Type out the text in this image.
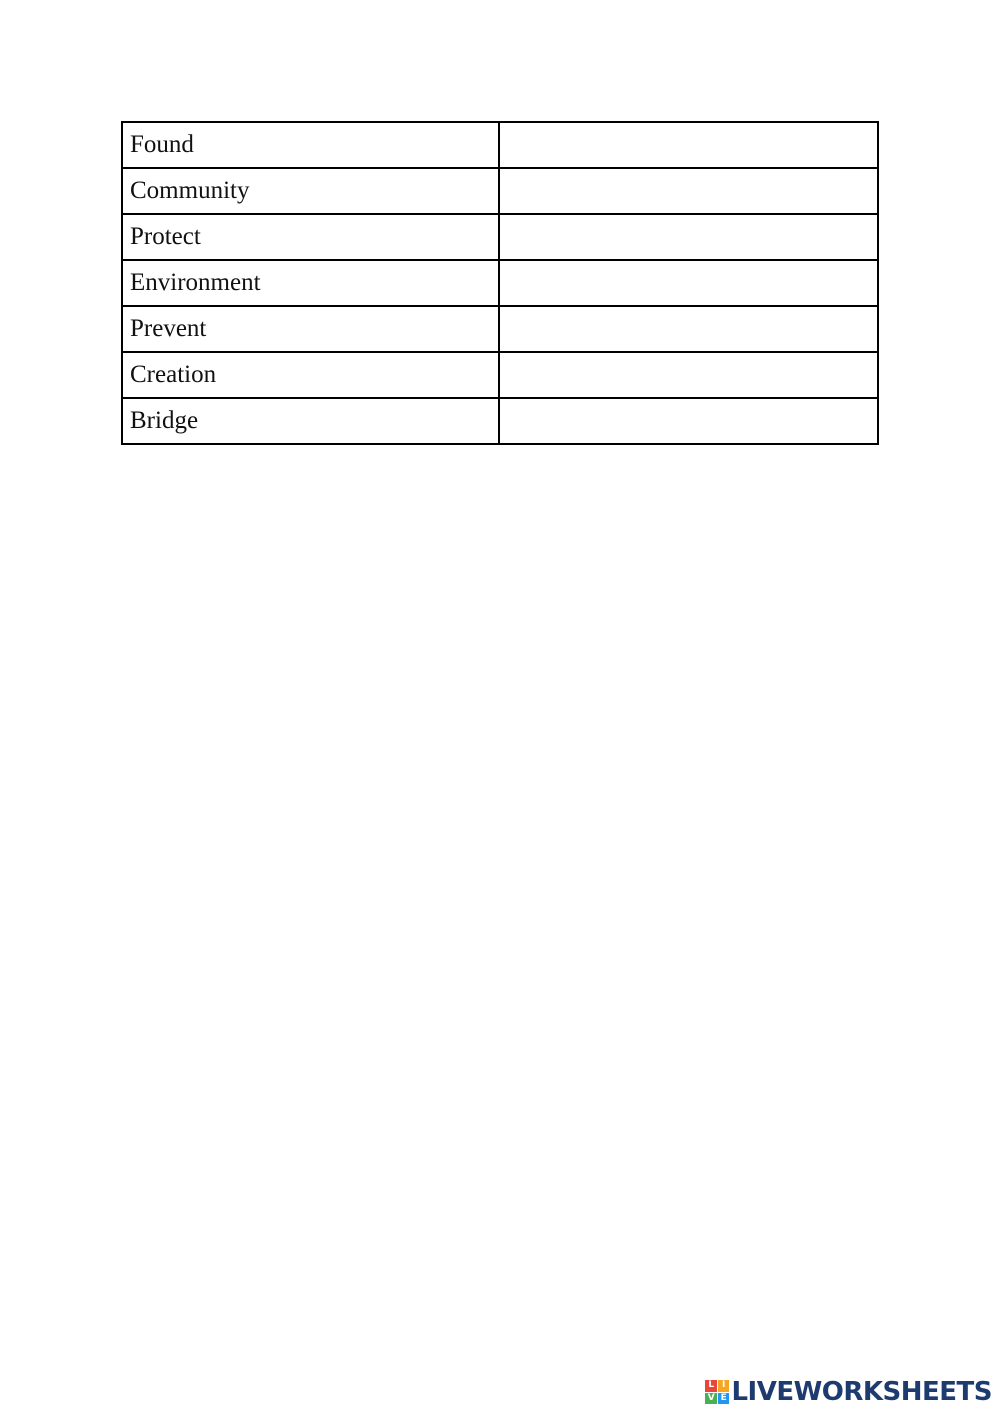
Found	
Community	
Protect	
Environment	
Prevent	
Creation	
Bridge	
L I
V E LIVEWORKSHEETS
